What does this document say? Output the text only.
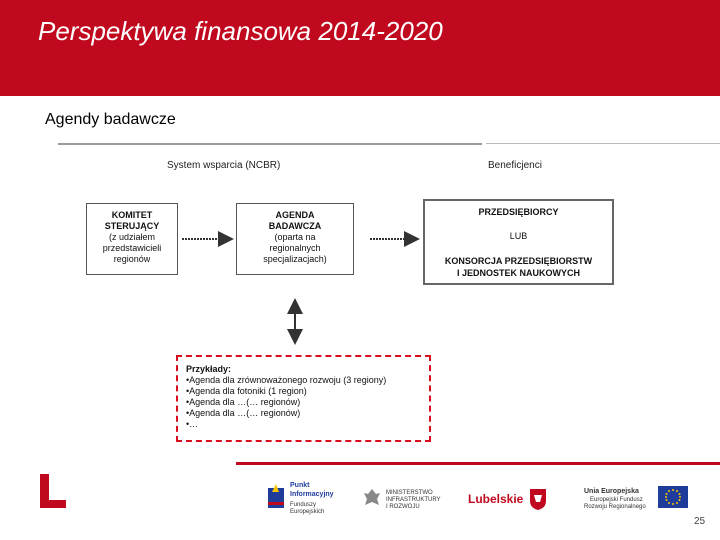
Perspektywa finansowa 2014-2020
Agendy badawcze
System wsparcia (NCBR)	Beneficjenci
KOMITET
STERUJĄCY
(z udziałem
przedstawicieli
regionów
AGENDA
BADAWCZA
(oparta na
regionalnych
specjalizacjach)
PRZEDSIĘBIORCY
LUB
KONSORCJA PRZEDSIĘBIORSTW
I JEDNOSTEK NAUKOWYCH
Przykłady:
•Agenda dla zrównoważonego rozwoju (3 regiony)
•Agenda dla fotoniki (1 region)
•Agenda dla …(… regionów)
•Agenda dla …(… regionów)
•…
Punkt
Informacyjny
Funduszy Europejskich
MINISTERSTWO
INFRASTRUKTURY
I ROZWOJU
Lubelskie
Unia Europejska
Europejski Fundusz
Rozwoju Regionalnego
25
